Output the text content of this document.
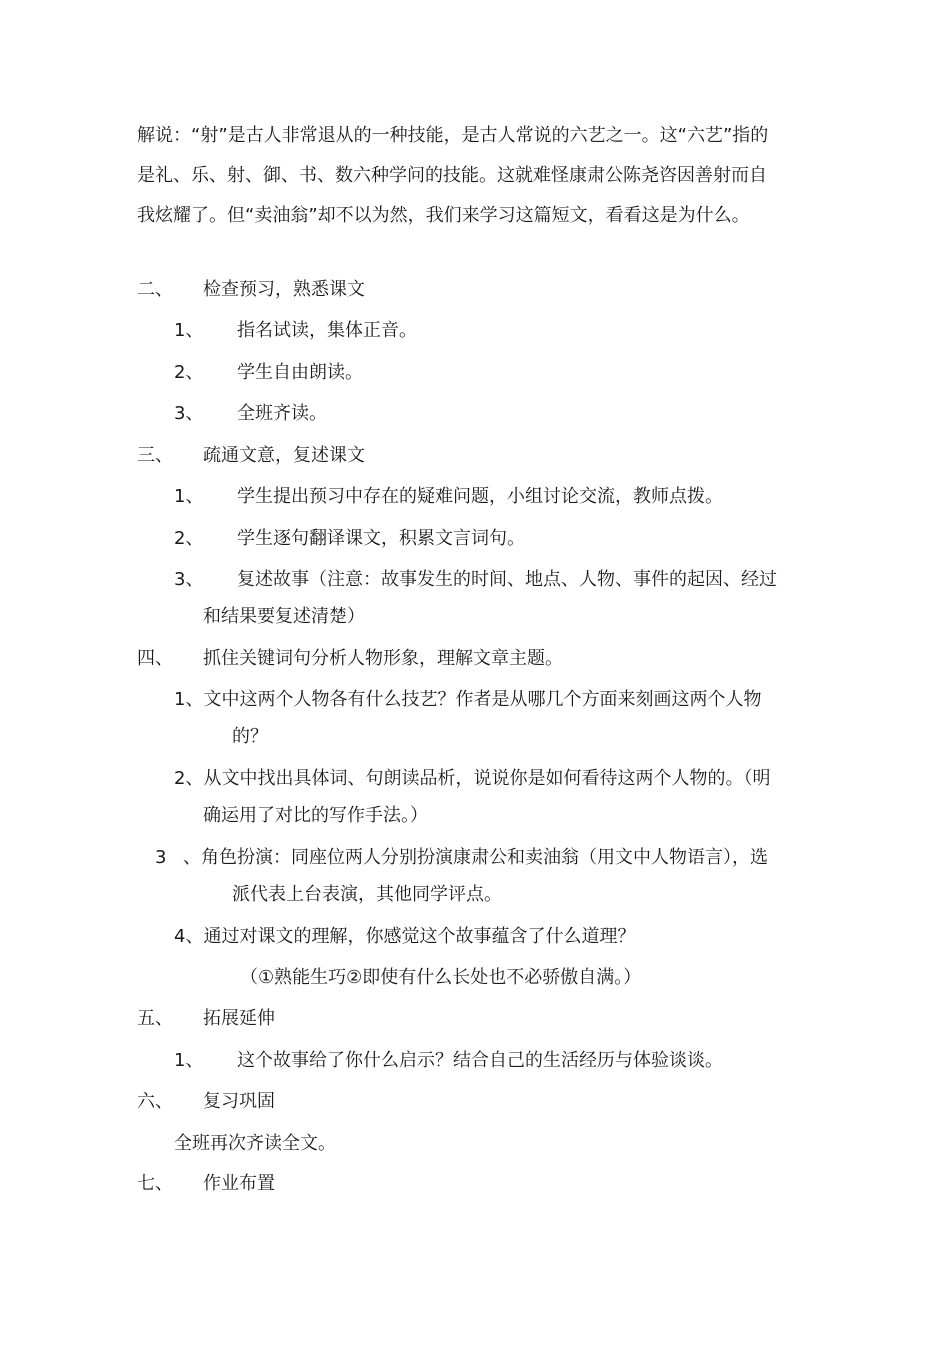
解说：“射”是古人非常退从的一种技能，是古人常说的六艺之一。这“六艺”指的是礼、乐、射、御、书、数六种学问的技能。这就难怪康肃公陈尧咨因善射而自我炫耀了。但“卖油翁”却不以为然，我们来学习这篇短文，看看这是为什么。
二、 检查预习，熟悉课文
1、 指名试读，集体正音。
2、 学生自由朗读。
3、 全班齐读。
三、 疏通文意，复述课文
1、 学生提出预习中存在的疑难问题，小组讨论交流，教师点拨。
2、 学生逐句翻译课文，积累文言词句。
3、 复述故事（注意：故事发生的时间、地点、人物、事件的起因、经过
和结果要复述清楚）
四、 抓住关键词句分析人物形象，理解文章主题。
1、文中这两个人物各有什么技艺？作者是从哪几个方面来刻画这两个人物
的？
2、从文中找出具体词、句朗读品析，说说你是如何看待这两个人物的。（明
确运用了对比的写作手法。）
3 、角色扮演：同座位两人分别扮演康肃公和卖油翁（用文中人物语言），选
派代表上台表演，其他同学评点。
4、通过对课文的理解，你感觉这个故事蕴含了什么道理？
（①熟能生巧②即使有什么长处也不必骄傲自满。）
五、 拓展延伸
1、 这个故事给了你什么启示？结合自己的生活经历与体验谈谈。
六、 复习巩固
全班再次齐读全文。
七、 作业布置
